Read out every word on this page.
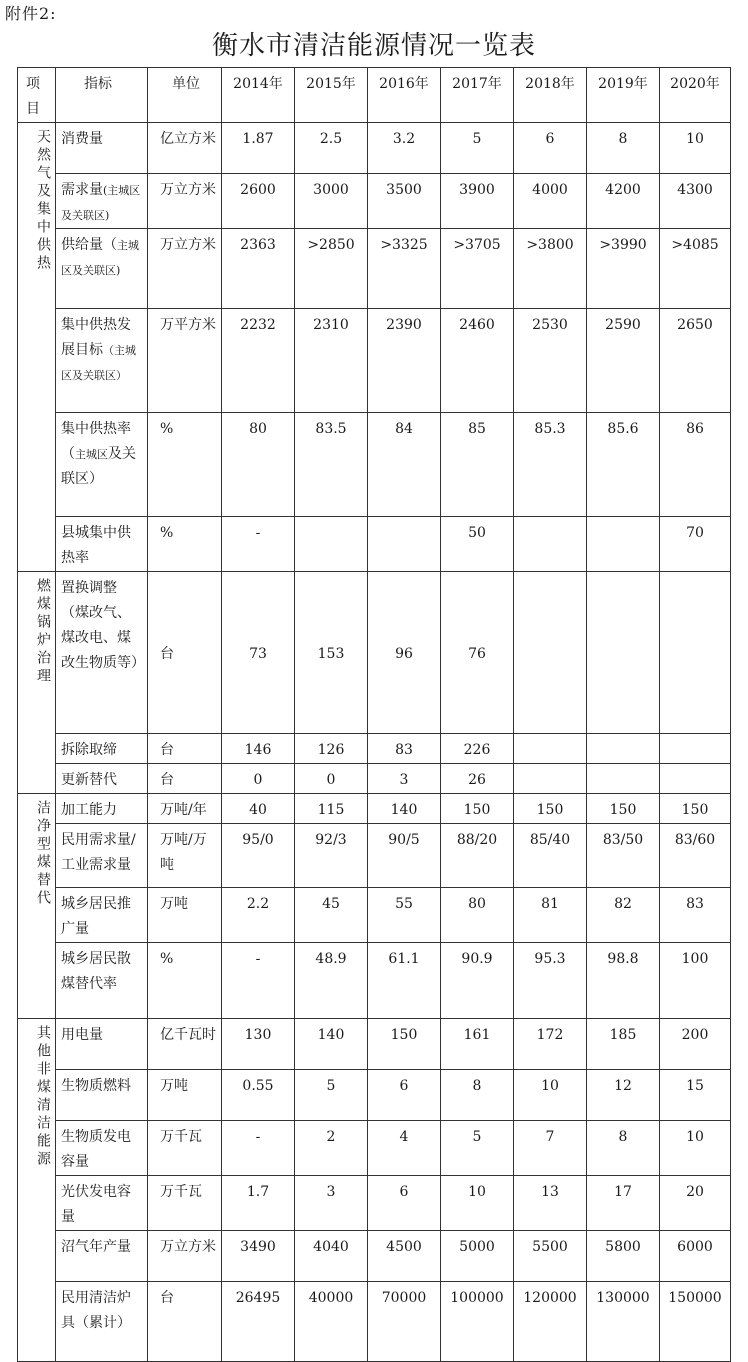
附件2:
衡水市清洁能源情况一览表
项目	指标	单位	2014年	2015年	2016年	2017年	2018年	2019年	2020年
天然气及集中供热	消费量	亿立方米	1.87	2.5	3.2	5	6	8	10
	需求量(主城区及关联区)	万立方米	2600	3000	3500	3900	4000	4200	4300
	供给量（主城区及关联区)	万立方米	2363	>2850	>3325	>3705	>3800	>3990	>4085
	集中供热发展目标（主城区及关联区）	万平方米	2232	2310	2390	2460	2530	2590	2650
	集中供热率（主城区及关联区）	%	80	83.5	84	85	85.3	85.6	86
	县城集中供热率	%	-			50			70
燃煤锅炉治理	置换调整（煤改气、煤改电、煤改生物质等）	台	73	153	96	76			
	拆除取缔	台	146	126	83	226			
	更新替代	台	0	0	3	26			
洁净型煤替代	加工能力	万吨/年	40	115	140	150	150	150	150
	民用需求量/工业需求量	万吨/万吨	95/0	92/3	90/5	88/20	85/40	83/50	83/60
	城乡居民推广量	万吨	2.2	45	55	80	81	82	83
	城乡居民散煤替代率	%	-	48.9	61.1	90.9	95.3	98.8	100
其他非煤清洁能源	用电量	亿千瓦时	130	140	150	161	172	185	200
	生物质燃料	万吨	0.55	5	6	8	10	12	15
	生物质发电容量	万千瓦	-	2	4	5	7	8	10
	光伏发电容量	万千瓦	1.7	3	6	10	13	17	20
	沼气年产量	万立方米	3490	4040	4500	5000	5500	5800	6000
	民用清洁炉具（累计）	台	26495	40000	70000	100000	120000	130000	150000
